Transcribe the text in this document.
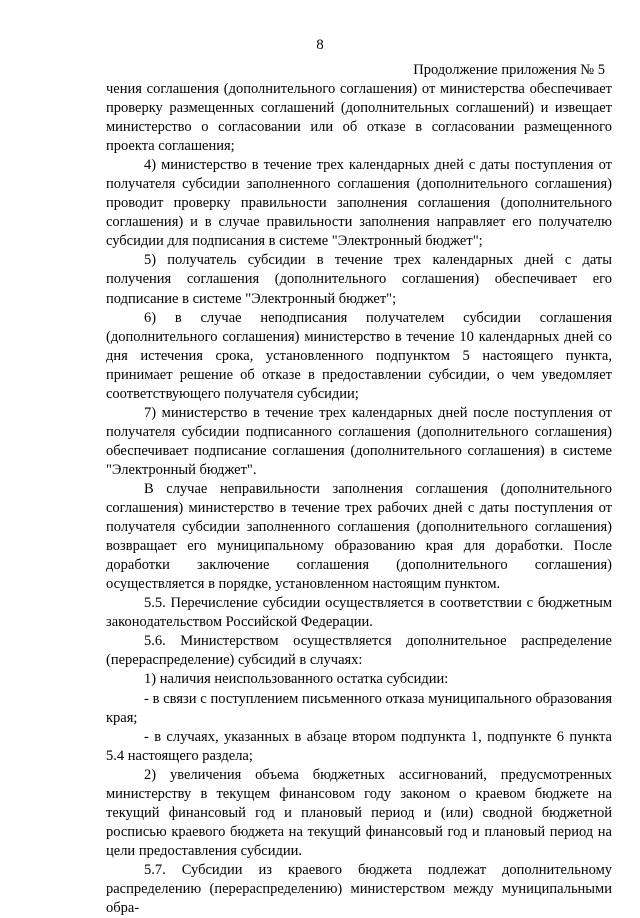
8
Продолжение приложения № 5

чения соглашения (дополнительного соглашения) от министерства обеспечивает проверку размещенных соглашений (дополнительных соглашений) и извещает министерство о согласовании или об отказе в согласовании размещенного проекта соглашения;

4) министерство в течение трех календарных дней с даты поступления от получателя субсидии заполненного соглашения (дополнительного соглашения) проводит проверку правильности заполнения соглашения (дополнительного соглашения) и в случае правильности заполнения направляет его получателю субсидии для подписания в системе "Электронный бюджет";

5) получатель субсидии в течение трех календарных дней с даты получения соглашения (дополнительного соглашения) обеспечивает его подписание в системе "Электронный бюджет";

6) в случае неподписания получателем субсидии соглашения (дополнительного соглашения) министерство в течение 10 календарных дней со дня истечения срока, установленного подпунктом 5 настоящего пункта, принимает решение об отказе в предоставлении субсидии, о чем уведомляет соответствующего получателя субсидии;

7) министерство в течение трех календарных дней после поступления от получателя субсидии подписанного соглашения (дополнительного соглашения) обеспечивает подписание соглашения (дополнительного соглашения) в системе "Электронный бюджет".

В случае неправильности заполнения соглашения (дополнительного соглашения) министерство в течение трех рабочих дней с даты поступления от получателя субсидии заполненного соглашения (дополнительного соглашения) возвращает его муниципальному образованию края для доработки. После доработки заключение соглашения (дополнительного соглашения) осуществляется в порядке, установленном настоящим пунктом.

5.5. Перечисление субсидии осуществляется в соответствии с бюджетным законодательством Российской Федерации.

5.6. Министерством осуществляется дополнительное распределение (перераспределение) субсидий в случаях:

1) наличия неиспользованного остатка субсидии:

- в связи с поступлением письменного отказа муниципального образования края;

- в случаях, указанных в абзаце втором подпункта 1, подпункте 6 пункта 5.4 настоящего раздела;

2) увеличения объема бюджетных ассигнований, предусмотренных министерству в текущем финансовом году законом о краевом бюджете на текущий финансовый год и плановый период и (или) сводной бюджетной росписью краевого бюджета на текущий финансовый год и плановый период на цели предоставления субсидии.

5.7. Субсидии из краевого бюджета подлежат дополнительному распределению (перераспределению) министерством между муниципальными обра-
